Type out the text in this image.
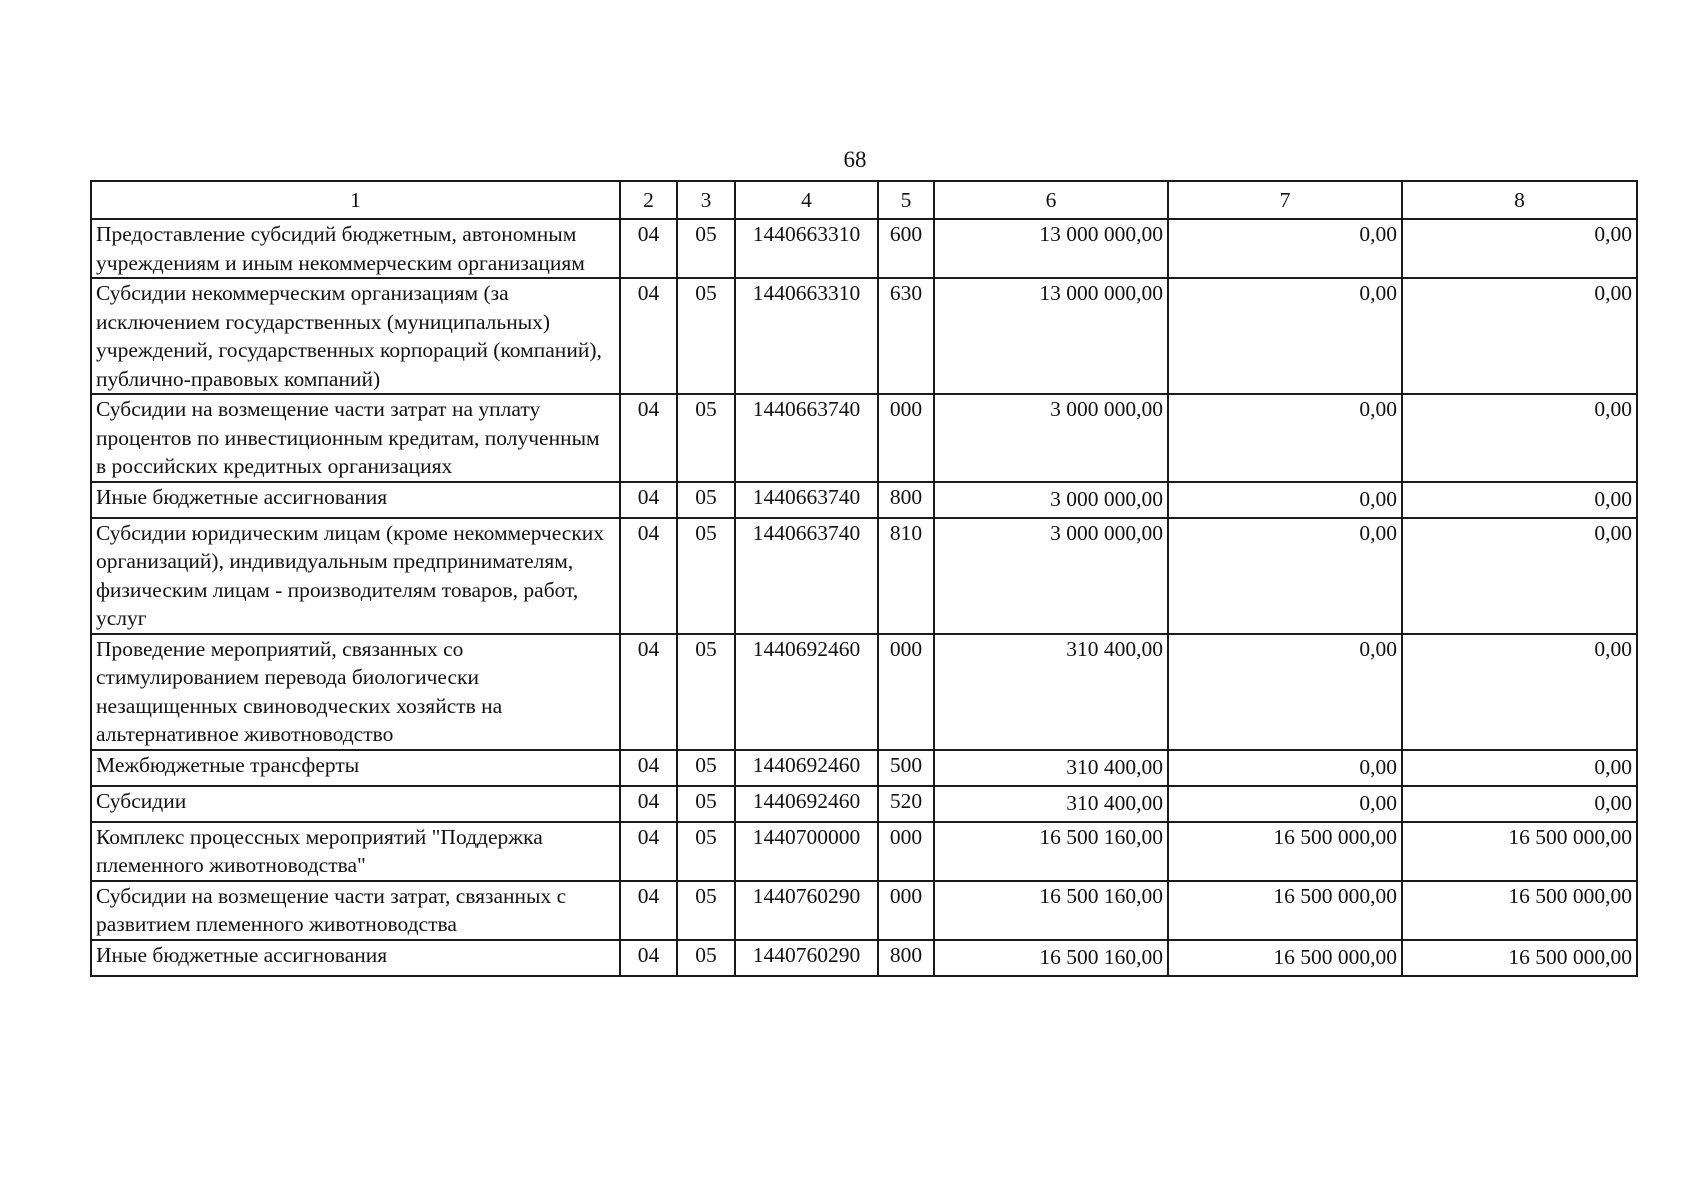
68
1	2	3	4	5	6	7	8
Предоставление субсидий бюджетным, автономным учреждениям и иным некоммерческим организациям	04	05	1440663310	600	13 000 000,00	0,00	0,00
Субсидии некоммерческим организациям (за исключением государственных (муниципальных) учреждений, государственных корпораций (компаний), публично-правовых компаний)	04	05	1440663310	630	13 000 000,00	0,00	0,00
Субсидии на возмещение части затрат на уплату процентов по инвестиционным кредитам, полученным в российских кредитных организациях	04	05	1440663740	000	3 000 000,00	0,00	0,00
Иные бюджетные ассигнования	04	05	1440663740	800	3 000 000,00	0,00	0,00
Субсидии юридическим лицам (кроме некоммерческих организаций), индивидуальным предпринимателям, физическим лицам - производителям товаров, работ, услуг	04	05	1440663740	810	3 000 000,00	0,00	0,00
Проведение мероприятий, связанных со стимулированием перевода биологически незащищенных свиноводческих хозяйств на альтернативное животноводство	04	05	1440692460	000	310 400,00	0,00	0,00
Межбюджетные трансферты	04	05	1440692460	500	310 400,00	0,00	0,00
Субсидии	04	05	1440692460	520	310 400,00	0,00	0,00
Комплекс процессных мероприятий "Поддержка племенного животноводства"	04	05	1440700000	000	16 500 160,00	16 500 000,00	16 500 000,00
Субсидии на возмещение части затрат, связанных с развитием племенного животноводства	04	05	1440760290	000	16 500 160,00	16 500 000,00	16 500 000,00
Иные бюджетные ассигнования	04	05	1440760290	800	16 500 160,00	16 500 000,00	16 500 000,00
